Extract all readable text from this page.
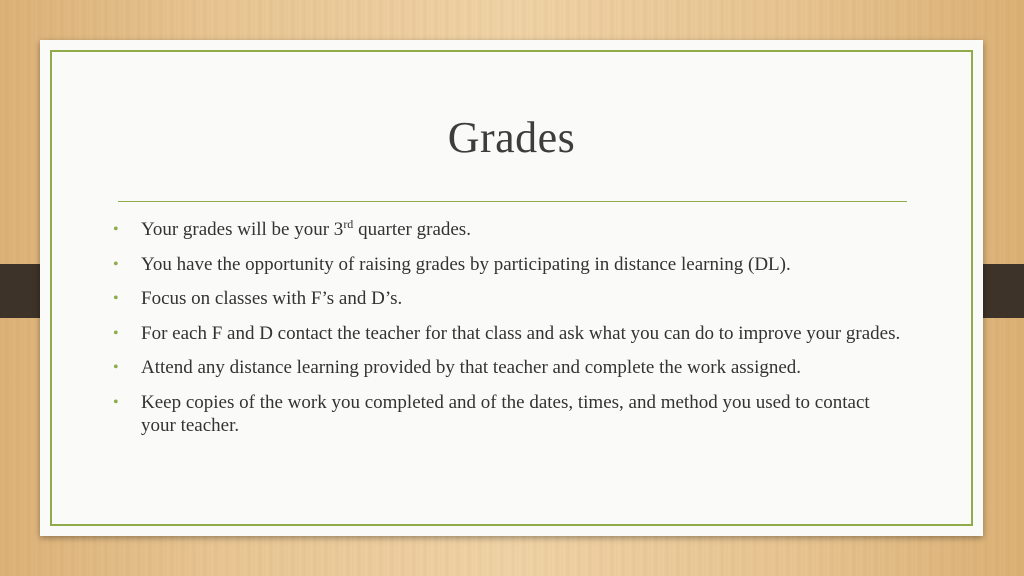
Grades
• Your grades will be your 3rd quarter grades.
• You have the opportunity of raising grades by participating in distance learning (DL).
• Focus on classes with F’s and D’s.
• For each F and D contact the teacher for that class and ask what you can do to improve your grades.
• Attend any distance learning provided by that teacher and complete the work assigned.
• Keep copies of the work you completed and of the dates, times, and method you used to contact your teacher.
